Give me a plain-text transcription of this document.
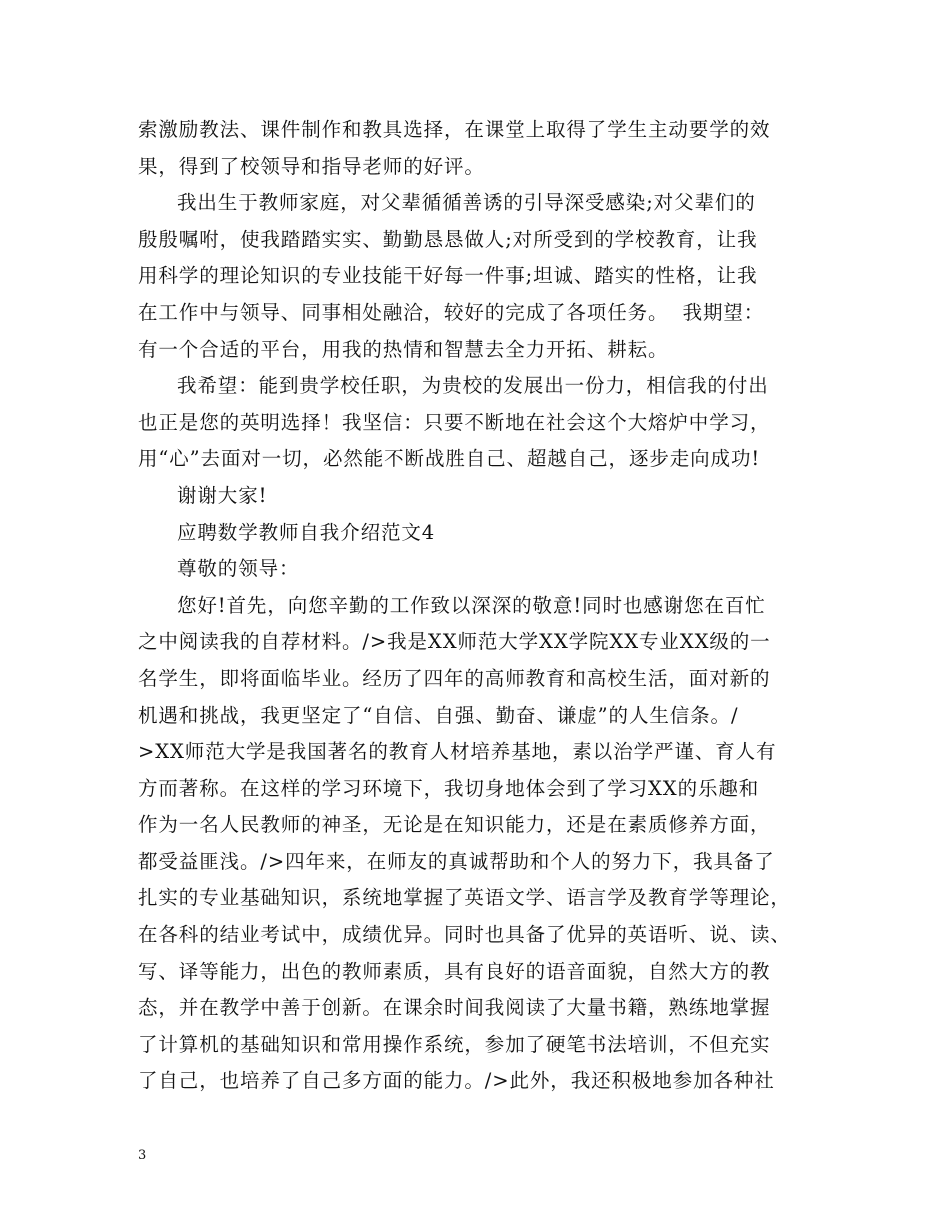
索激励教法、课件制作和教具选择，在课堂上取得了学生主动要学的效
果，得到了校领导和指导老师的好评。
我出生于教师家庭，对父辈循循善诱的引导深受感染;对父辈们的
殷殷嘱咐，使我踏踏实实、勤勤恳恳做人;对所受到的学校教育，让我
用科学的理论知识的专业技能干好每一件事;坦诚、踏实的性格，让我
在工作中与领导、同事相处融洽，较好的完成了各项任务。  我期望：
有一个合适的平台，用我的热情和智慧去全力开拓、耕耘。
我希望：能到贵学校任职，为贵校的发展出一份力，相信我的付出
也正是您的英明选择！我坚信：只要不断地在社会这个大熔炉中学习，
用“心”去面对一切，必然能不断战胜自己、超越自己，逐步走向成功!
谢谢大家!
应聘数学教师自我介绍范文4
尊敬的领导：
您好!首先，向您辛勤的工作致以深深的敬意!同时也感谢您在百忙
之中阅读我的自荐材料。/>我是XX师范大学XX学院XX专业XX级的一
名学生，即将面临毕业。经历了四年的高师教育和高校生活，面对新的
机遇和挑战，我更坚定了“自信、自强、勤奋、谦虚”的人生信条。/
>XX师范大学是我国著名的教育人材培养基地，素以治学严谨、育人有
方而著称。在这样的学习环境下，我切身地体会到了学习XX的乐趣和
作为一名人民教师的神圣，无论是在知识能力，还是在素质修养方面，
都受益匪浅。/>四年来，在师友的真诚帮助和个人的努力下，我具备了
扎实的专业基础知识，系统地掌握了英语文学、语言学及教育学等理论，
在各科的结业考试中，成绩优异。同时也具备了优异的英语听、说、读、
写、译等能力，出色的教师素质，具有良好的语音面貌，自然大方的教
态，并在教学中善于创新。在课余时间我阅读了大量书籍，熟练地掌握
了计算机的基础知识和常用操作系统，参加了硬笔书法培训，不但充实
了自己，也培养了自己多方面的能力。/>此外，我还积极地参加各种社
3
